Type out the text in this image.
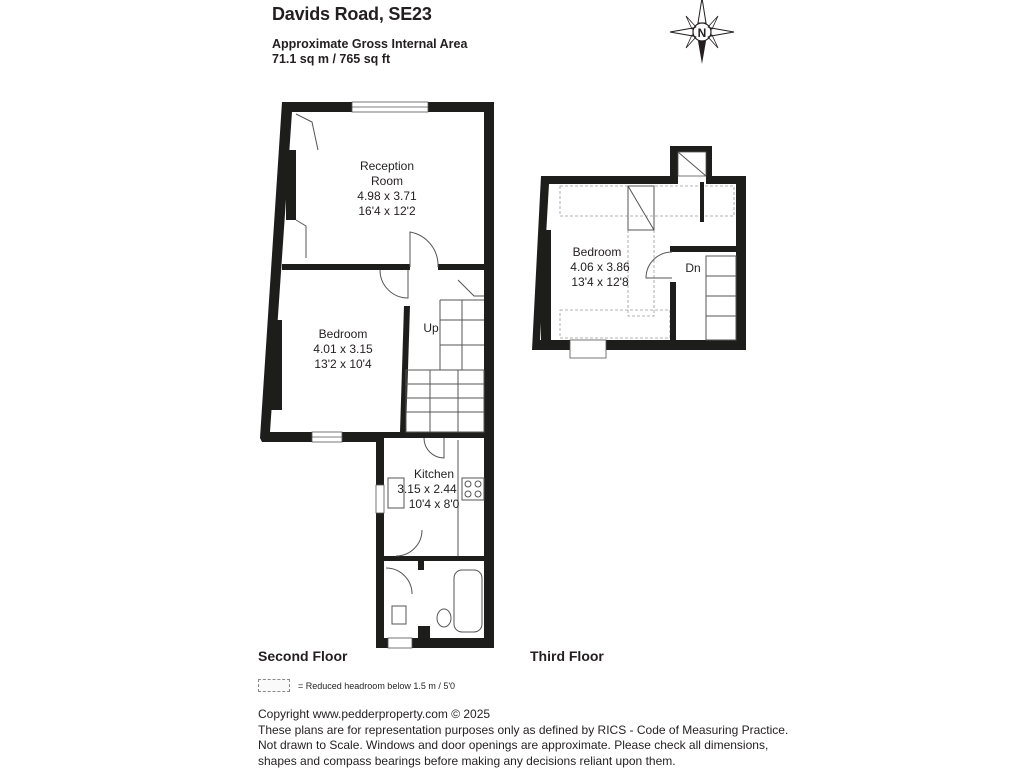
Davids Road, SE23
Approximate Gross Internal Area
71.1 sq m / 765 sq ft
N
Reception
Room
4.98 x 3.71
16'4 x 12'2
Bedroom
4.01 x 3.15
13'2 x 10'4
Up
Kitchen
3.15 x 2.44
10'4 x 8'0
Bedroom
4.06 x 3.86
13'4 x 12'8
Dn
Second Floor	Third Floor
= Reduced headroom below 1.5 m / 5'0
Copyright www.pedderproperty.com © 2025
These plans are for representation purposes only as defined by RICS - Code of Measuring Practice.
Not drawn to Scale. Windows and door openings are approximate. Please check all dimensions,
shapes and compass bearings before making any decisions reliant upon them.
